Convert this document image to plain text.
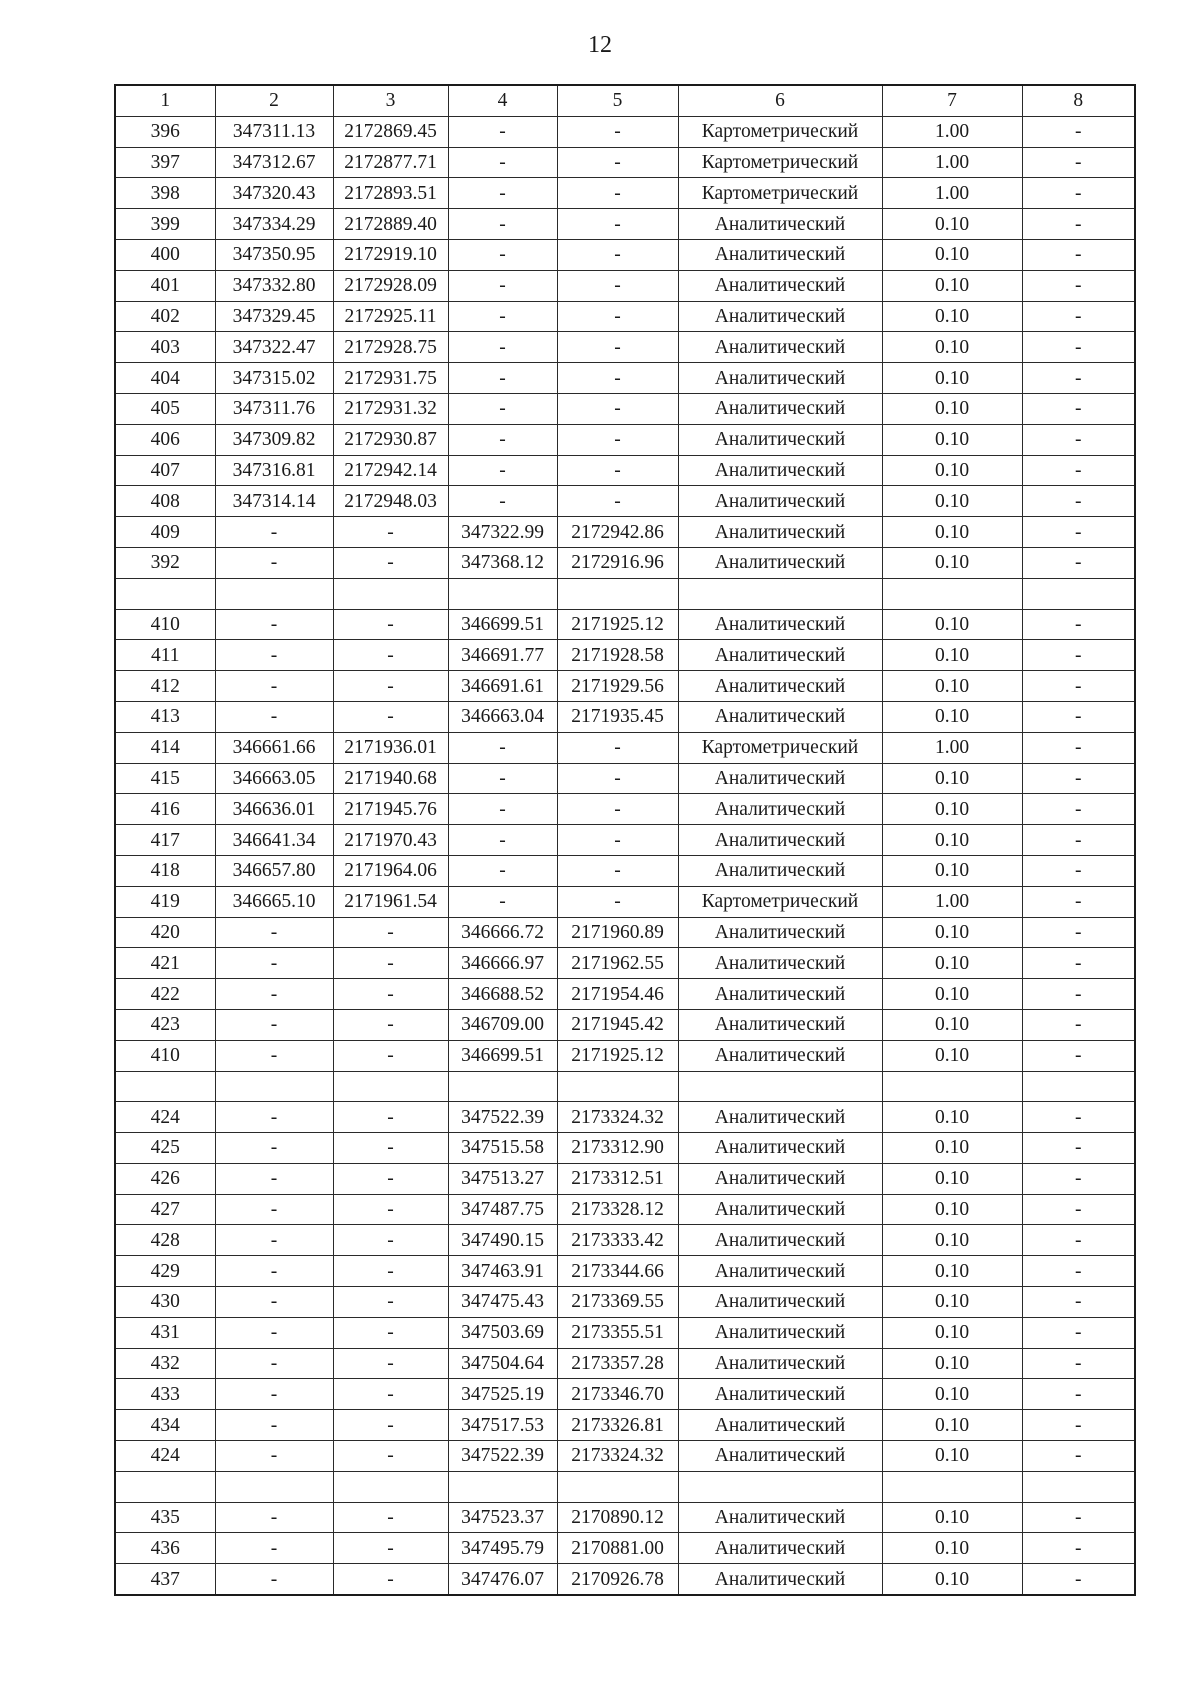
12
1	2	3	4	5	6	7	8
396	347311.13	2172869.45	-	-	Картометрический	1.00	-
397	347312.67	2172877.71	-	-	Картометрический	1.00	-
398	347320.43	2172893.51	-	-	Картометрический	1.00	-
399	347334.29	2172889.40	-	-	Аналитический	0.10	-
400	347350.95	2172919.10	-	-	Аналитический	0.10	-
401	347332.80	2172928.09	-	-	Аналитический	0.10	-
402	347329.45	2172925.11	-	-	Аналитический	0.10	-
403	347322.47	2172928.75	-	-	Аналитический	0.10	-
404	347315.02	2172931.75	-	-	Аналитический	0.10	-
405	347311.76	2172931.32	-	-	Аналитический	0.10	-
406	347309.82	2172930.87	-	-	Аналитический	0.10	-
407	347316.81	2172942.14	-	-	Аналитический	0.10	-
408	347314.14	2172948.03	-	-	Аналитический	0.10	-
409	-	-	347322.99	2172942.86	Аналитический	0.10	-
392	-	-	347368.12	2172916.96	Аналитический	0.10	-

410	-	-	346699.51	2171925.12	Аналитический	0.10	-
411	-	-	346691.77	2171928.58	Аналитический	0.10	-
412	-	-	346691.61	2171929.56	Аналитический	0.10	-
413	-	-	346663.04	2171935.45	Аналитический	0.10	-
414	346661.66	2171936.01	-	-	Картометрический	1.00	-
415	346663.05	2171940.68	-	-	Аналитический	0.10	-
416	346636.01	2171945.76	-	-	Аналитический	0.10	-
417	346641.34	2171970.43	-	-	Аналитический	0.10	-
418	346657.80	2171964.06	-	-	Аналитический	0.10	-
419	346665.10	2171961.54	-	-	Картометрический	1.00	-
420	-	-	346666.72	2171960.89	Аналитический	0.10	-
421	-	-	346666.97	2171962.55	Аналитический	0.10	-
422	-	-	346688.52	2171954.46	Аналитический	0.10	-
423	-	-	346709.00	2171945.42	Аналитический	0.10	-
410	-	-	346699.51	2171925.12	Аналитический	0.10	-

424	-	-	347522.39	2173324.32	Аналитический	0.10	-
425	-	-	347515.58	2173312.90	Аналитический	0.10	-
426	-	-	347513.27	2173312.51	Аналитический	0.10	-
427	-	-	347487.75	2173328.12	Аналитический	0.10	-
428	-	-	347490.15	2173333.42	Аналитический	0.10	-
429	-	-	347463.91	2173344.66	Аналитический	0.10	-
430	-	-	347475.43	2173369.55	Аналитический	0.10	-
431	-	-	347503.69	2173355.51	Аналитический	0.10	-
432	-	-	347504.64	2173357.28	Аналитический	0.10	-
433	-	-	347525.19	2173346.70	Аналитический	0.10	-
434	-	-	347517.53	2173326.81	Аналитический	0.10	-
424	-	-	347522.39	2173324.32	Аналитический	0.10	-

435	-	-	347523.37	2170890.12	Аналитический	0.10	-
436	-	-	347495.79	2170881.00	Аналитический	0.10	-
437	-	-	347476.07	2170926.78	Аналитический	0.10	-
